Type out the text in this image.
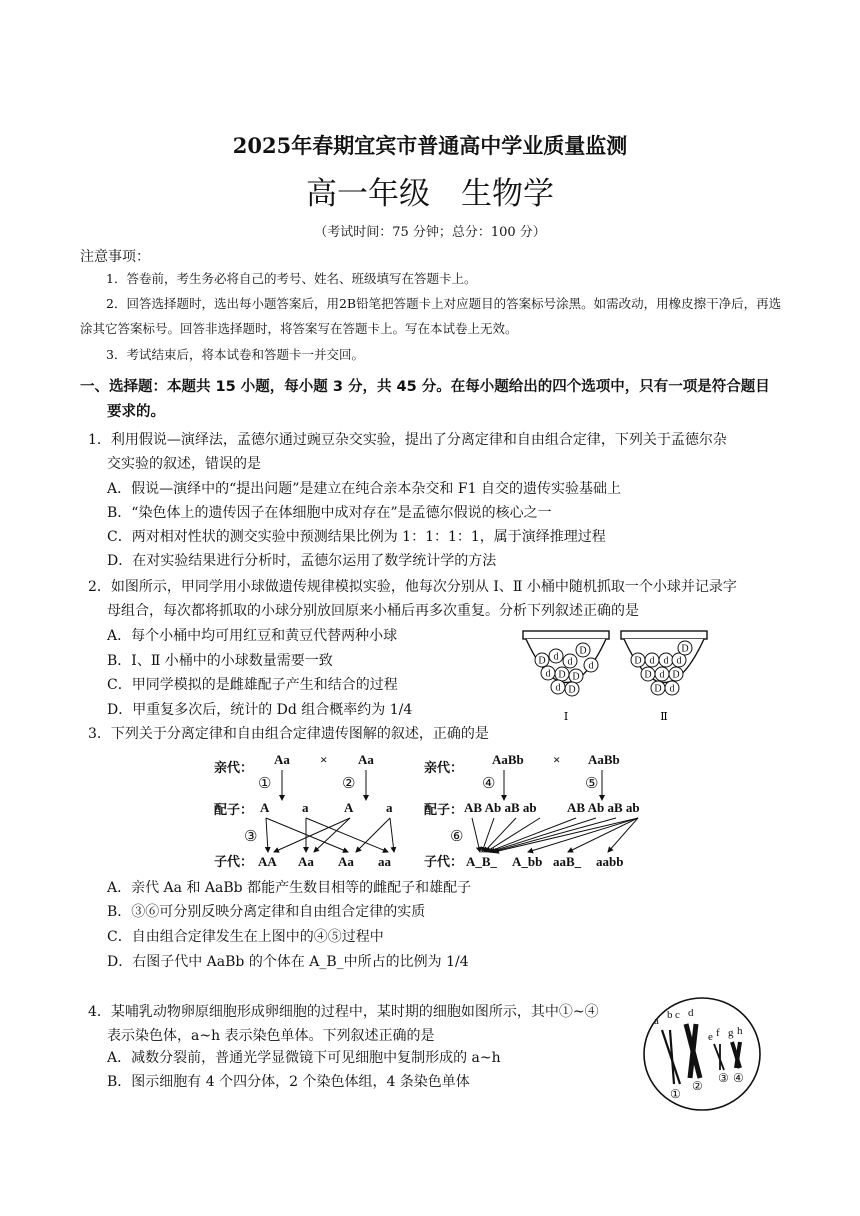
2025年春期宜宾市普通高中学业质量监测
高一年级　生物学
（考试时间：75 分钟；总分：100 分）
注意事项：
1．答卷前，考生务必将自己的考号、姓名、班级填写在答题卡上。
2．回答选择题时，选出每小题答案后，用2B铅笔把答题卡上对应题目的答案标号涂黑。如需改动，用橡皮擦干净后，再选涂其它答案标号。回答非选择题时，将答案写在答题卡上。写在本试卷上无效。
3．考试结束后，将本试卷和答题卡一并交回。
一、选择题：本题共 15 小题，每小题 3 分，共 45 分。在每小题给出的四个选项中，只有一项是符合题目
要求的。
1．利用假说—演绎法，孟德尔通过豌豆杂交实验，提出了分离定律和自由组合定律，下列关于孟德尔杂
交实验的叙述，错误的是
A．假说—演绎中的“提出问题”是建立在纯合亲本杂交和 F1 自交的遗传实验基础上
B．“染色体上的遗传因子在体细胞中成对存在”是孟德尔假说的核心之一
C．两对相对性状的测交实验中预测结果比例为 1：1：1：1，属于演绎推理过程
D．在对实验结果进行分析时，孟德尔运用了数学统计学的方法
2．如图所示，甲同学用小球做遗传规律模拟实验，他每次分别从 I、Ⅱ 小桶中随机抓取一个小球并记录字
母组合，每次都将抓取的小球分别放回原来小桶后再多次重复。分析下列叙述正确的是
A．每个小桶中均可用红豆和黄豆代替两种小球
B．Ⅰ、Ⅱ 小桶中的小球数量需要一致
C．甲同学模拟的是雌雄配子产生和结合的过程
D．甲重复多次后，统计的 Dd 组合概率约为 1/4
D d d
D
d
d D D
d D
Ⅰ
D d d d
D
D d D
D d
Ⅱ
3．下列关于分离定律和自由组合定律遗传图解的叙述，正确的是
亲代：
配子：
子代：
Aa × Aa
①	②
A	a	A	a
③
AA Aa Aa aa
亲代：
配子：
子代：
AaBb × AaBb
④	⑤
AB Ab aB ab AB Ab aB ab
⑥
A_B_ A_bb aaB_ aabb
A．亲代 Aa 和 AaBb 都能产生数目相等的雌配子和雄配子
B．③⑥可分别反映分离定律和自由组合定律的实质
C．自由组合定律发生在上图中的④⑤过程中
D．右图子代中 AaBb 的个体在 A_B_中所占的比例为 1/4
4．某哺乳动物卵原细胞形成卵细胞的过程中，某时期的细胞如图所示，其中①~④
表示染色体，a~h 表示染色单体。下列叙述正确的是
A．减数分裂前，普通光学显微镜下可见细胞中复制形成的 a~h
B．图示细胞有 4 个四分体，2 个染色体组，4 条染色单体
a b c d
e f g h
①
②
③ ④
